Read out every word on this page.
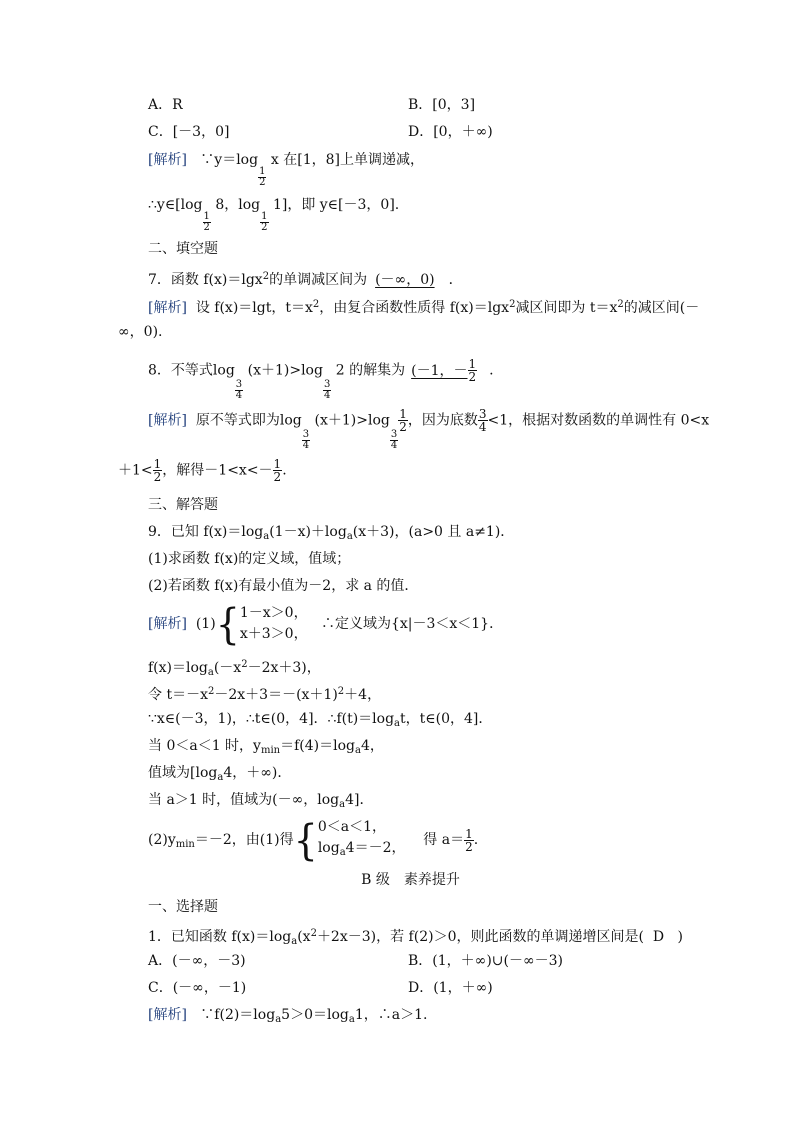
A．R	B．[0，3]
C．[－3，0]	D．[0，＋∞)
[解析] ∵y＝log
$\frac{1}{2}$
x 在[1，8]上单调递减，
∴y∈[log
$\frac{1}{2}$
8，log
$\frac{1}{2}$
1]，即 y∈[－3，0].
二、填空题
7．函数 f(x)＝lgx$^2$的单调减区间为 (－∞，0) ．
[解析] 设 f(x)＝lgt，$t=x^2$，由复合函数性质得 f(x)＝lgx$^2$减区间即为 $t=x^2$的减区间(－
∞，0).
8．不等式log
$\frac{3}{4}$
(x＋1)>log
$\frac{3}{4}$
2 的解集为 (－1，－ $\frac{1}{2}$ .
[解析] 原不等式即为log
$\frac{3}{4}$
(x＋1)>log
$\frac{3}{4}$
$\frac{1}{2}$ ，因为底数 $\frac{3}{4} <1$，根据对数函数的单调性有 0<x
$+1< \frac{1}{2}$ ，解得$-1<x<- \frac{1}{2}$ .
三、解答题
9．已知 $f(x)=\log_a(1-x)+\log_a(x+3)$，(a>0 且 a≠1)．
(1)求函数 f(x)的定义域，值域；
(2)若函数 f(x)有最小值为－2，求 a 的值．
[解析] (1){ 1－x＞0，
x＋3＞0，
∴定义域为{x|－3＜x＜1}．
$f(x)=\log_a(-x^2-2x+3)$，
令 $t=-x^2-2x+3=-(x+1)^2+4$，
∵x∈(－3，1)，∴t∈(0，4]．$\therefore f(t)=\log_at$，t∈(0，4]．
当 0＜a＜1 时，$y_{min}=f(4)=\log_a4$，
值域为[$\log_a4$，＋∞)．
当 a＞1 时，值域为(－∞，$\log_a4$]．
$(2)y_{min}=-2$，由(1)得{ 0＜a＜1，
$\log_a4=-2$， 得 $a= \frac{1}{2}$ .
B 级　素养提升
一、选择题
1．已知函数 $f(x)=\log_a(x^2+2x-3)$，若 f(2)＞0，则此函数的单调递增区间是( D )
A．(－∞，－3)	B．(1，＋∞)∪(－∞－3)
C．(－∞，－1)	D．(1，＋∞)
[解析] $\because f(2)=\log_a5>0=\log_a1$，∴a＞1.
